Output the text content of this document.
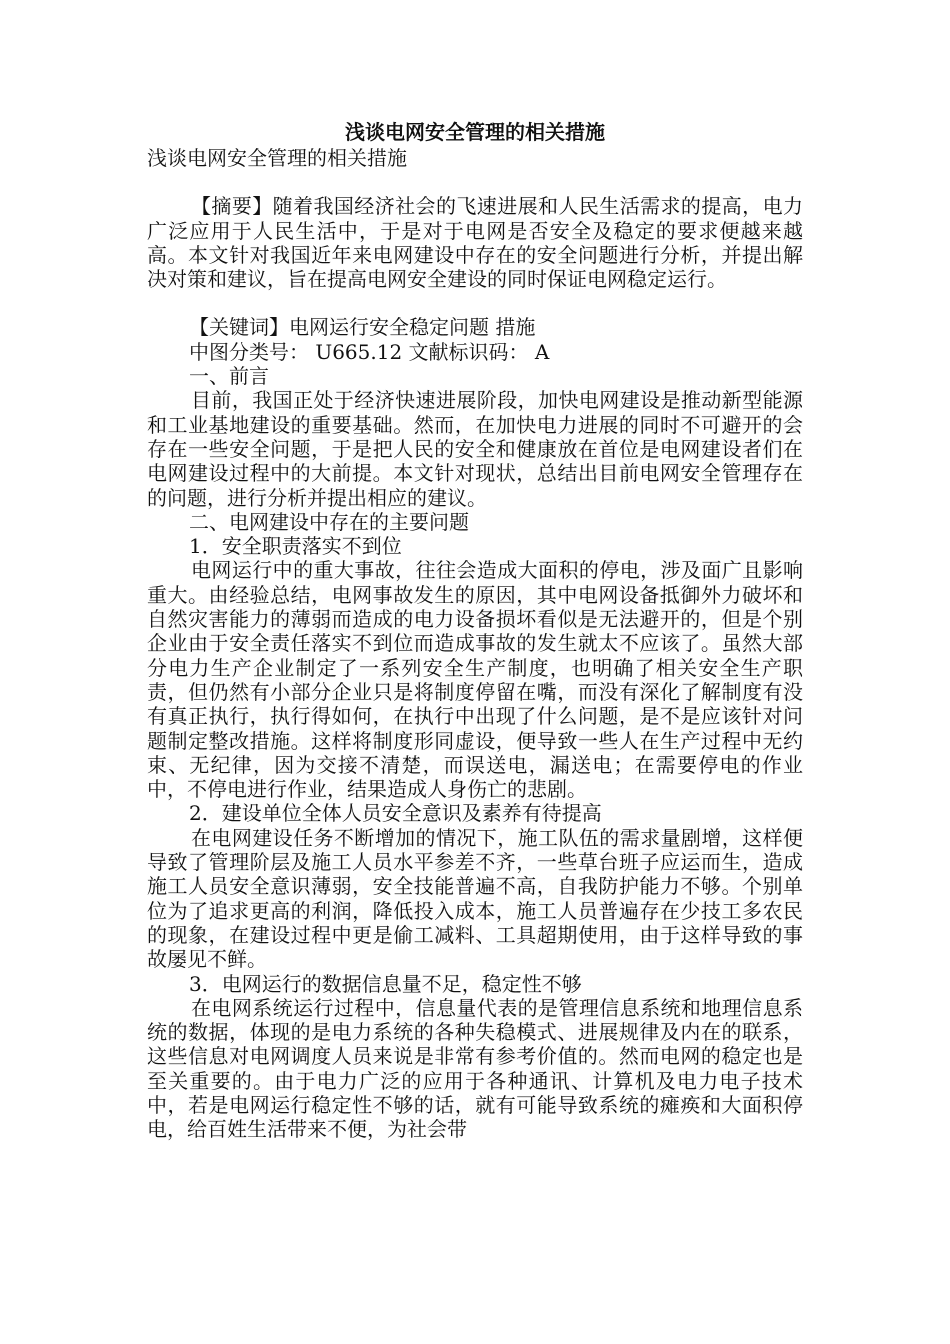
浅谈电网安全管理的相关措施

浅谈电网安全管理的相关措施

【摘要】随着我国经济社会的飞速进展和人民生活需求的提高，电力广泛应用于人民生活中，于是对于电网是否安全及稳定的要求便越来越高。本文针对我国近年来电网建设中存在的安全问题进行分析，并提出解决对策和建议，旨在提高电网安全建设的同时保证电网稳定运行。

【关键词】电网运行安全稳定问题 措施

中图分类号： U665.12 文献标识码： A

一、前言

目前，我国正处于经济快速进展阶段，加快电网建设是推动新型能源和工业基地建设的重要基础。然而，在加快电力进展的同时不可避开的会存在一些安全问题，于是把人民的安全和健康放在首位是电网建设者们在电网建设过程中的大前提。本文针对现状，总结出目前电网安全管理存在的问题，进行分析并提出相应的建议。

二、电网建设中存在的主要问题

1．安全职责落实不到位

电网运行中的重大事故，往往会造成大面积的停电，涉及面广且影响重大。由经验总结，电网事故发生的原因，其中电网设备抵御外力破坏和自然灾害能力的薄弱而造成的电力设备损坏看似是无法避开的，但是个别企业由于安全责任落实不到位而造成事故的发生就太不应该了。虽然大部分电力生产企业制定了一系列安全生产制度，也明确了相关安全生产职责，但仍然有小部分企业只是将制度停留在嘴，而没有深化了解制度有没有真正执行，执行得如何，在执行中出现了什么问题，是不是应该针对问题制定整改措施。这样将制度形同虚设，便导致一些人在生产过程中无约束、无纪律，因为交接不清楚，而误送电，漏送电；在需要停电的作业中，不停电进行作业，结果造成人身伤亡的悲剧。

2．建设单位全体人员安全意识及素养有待提高

在电网建设任务不断增加的情况下，施工队伍的需求量剧增，这样便导致了管理阶层及施工人员水平参差不齐，一些草台班子应运而生，造成施工人员安全意识薄弱，安全技能普遍不高，自我防护能力不够。个别单位为了追求更高的利润，降低投入成本，施工人员普遍存在少技工多农民的现象，在建设过程中更是偷工减料、工具超期使用，由于这样导致的事故屡见不鲜。

3．电网运行的数据信息量不足，稳定性不够

在电网系统运行过程中，信息量代表的是管理信息系统和地理信息系统的数据，体现的是电力系统的各种失稳模式、进展规律及内在的联系，这些信息对电网调度人员来说是非常有参考价值的。然而电网的稳定也是至关重要的。由于电力广泛的应用于各种通讯、计算机及电力电子技术中，若是电网运行稳定性不够的话，就有可能导致系统的瘫痪和大面积停电，给百姓生活带来不便，为社会带
